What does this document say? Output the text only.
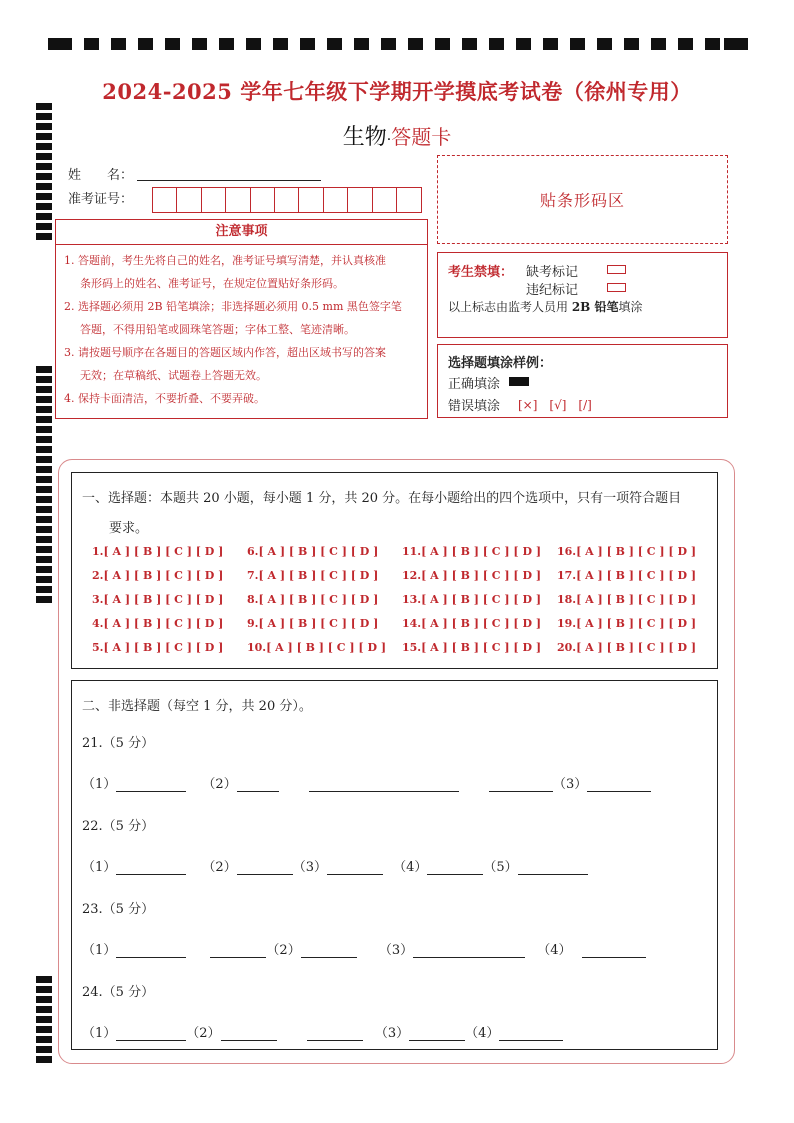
2024-2025 学年七年级下学期开学摸底考试卷（徐州专用）
生物·答题卡
姓　　名：
准考证号：	贴条形码区
注意事项

1. 答题前，考生先将自己的姓名，准考证号填写清楚，并认真核准

条形码上的姓名、准考证号，在规定位置贴好条形码。

2. 选择题必须用 2B 铅笔填涂；非选择题必须用 0.5 mm 黑色签字笔

答题，不得用铅笔或圆珠笔答题；字体工整、笔迹清晰。

3. 请按题号顺序在各题目的答题区域内作答，超出区域书写的答案

无效；在草稿纸、试题卷上答题无效。

4. 保持卡面清洁，不要折叠、不要弄破。

考生禁填： 缺考标记
违纪标记
以上标志由监考人员用 2B 铅笔填涂
选择题填涂样例：
正确填涂
错误填涂 [×]　[√]　[/]
一、选择题：本题共 20 小题，每小题 1 分，共 20 分。在每小题给出的四个选项中，只有一项符合题目
要求。
1.[ A ] [ B ] [ C ] [ D ]
2.[ A ] [ B ] [ C ] [ D ]
3.[ A ] [ B ] [ C ] [ D ]
4.[ A ] [ B ] [ C ] [ D ]
5.[ A ] [ B ] [ C ] [ D ]
6.[ A ] [ B ] [ C ] [ D ]
7.[ A ] [ B ] [ C ] [ D ]
8.[ A ] [ B ] [ C ] [ D ]
9.[ A ] [ B ] [ C ] [ D ]
10.[ A ] [ B ] [ C ] [ D ]
11.[ A ] [ B ] [ C ] [ D ]
12.[ A ] [ B ] [ C ] [ D ]
13.[ A ] [ B ] [ C ] [ D ]
14.[ A ] [ B ] [ C ] [ D ]
15.[ A ] [ B ] [ C ] [ D ]
16.[ A ] [ B ] [ C ] [ D ]
17.[ A ] [ B ] [ C ] [ D ]
18.[ A ] [ B ] [ C ] [ D ]
19.[ A ] [ B ] [ C ] [ D ]
20.[ A ] [ B ] [ C ] [ D ]
二、非选择题（每空 1 分，共 20 分）。
21.（5 分）
（1）	（2）	（3）
22.（5 分）
（1）	（2）	（3）	（4）	（5）
23.（5 分）
（1）	（2）	（3）	（4）
24.（5 分）
（1）	（2）	（3）	（4）
